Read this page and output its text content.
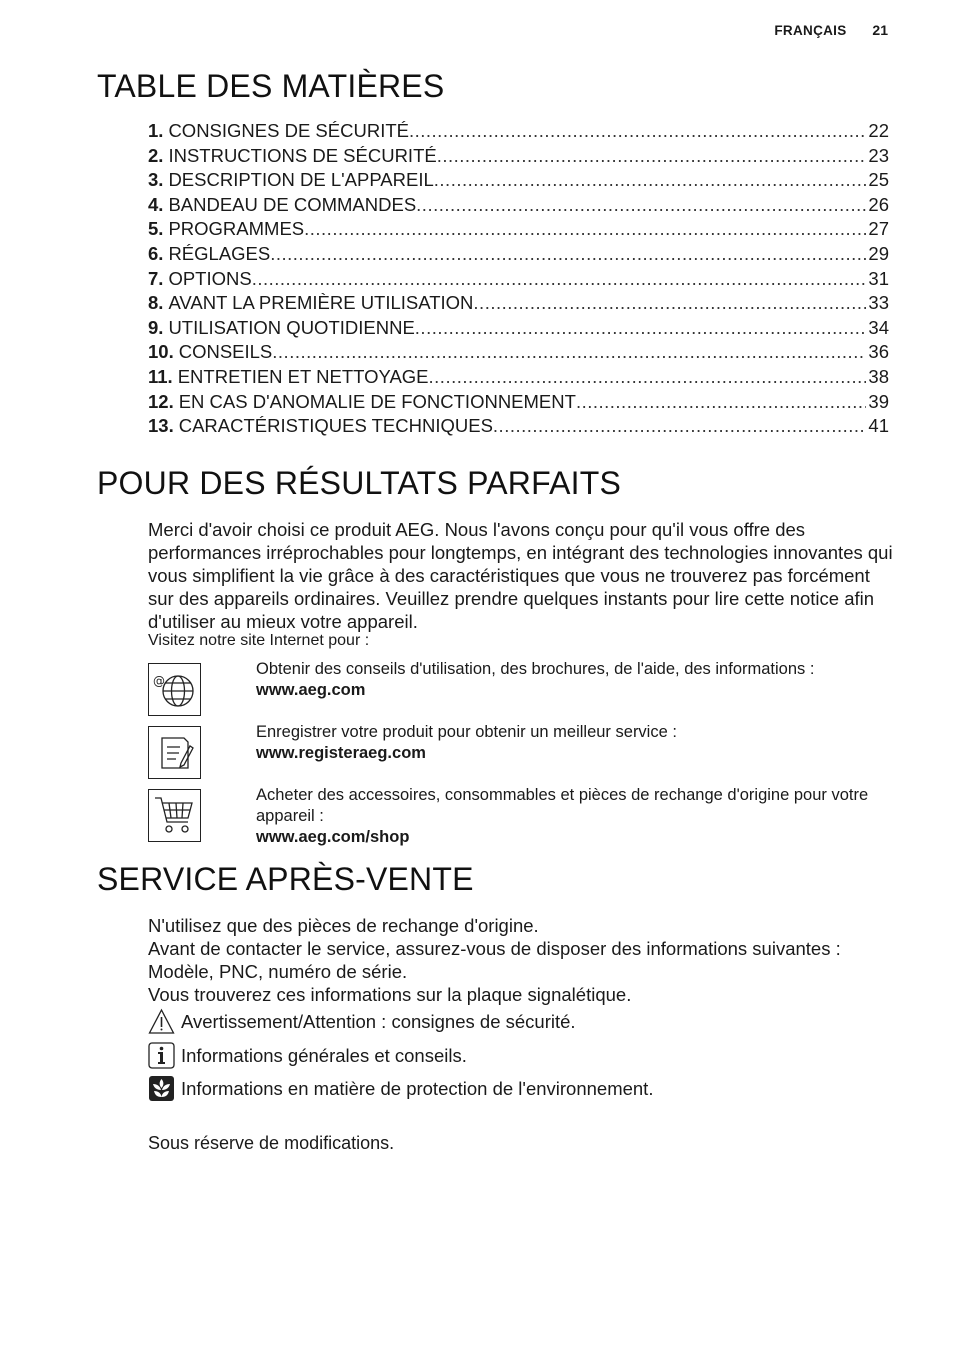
FRANÇAIS 21
TABLE DES MATIÈRES
1. CONSIGNES DE SÉCURITÉ .....	22
2. INSTRUCTIONS DE SÉCURITÉ .....	23
3. DESCRIPTION DE L'APPAREIL .....	25
4. BANDEAU DE COMMANDES .....	26
5. PROGRAMMES .....	27
6. RÉGLAGES .....	29
7. OPTIONS .....	31
8. AVANT LA PREMIÈRE UTILISATION .....	33
9. UTILISATION QUOTIDIENNE .....	34
10. CONSEILS .....	36
11. ENTRETIEN ET NETTOYAGE .....	38
12. EN CAS D'ANOMALIE DE FONCTIONNEMENT .....	39
13. CARACTÉRISTIQUES TECHNIQUES .....	41
POUR DES RÉSULTATS PARFAITS

Merci d'avoir choisi ce produit AEG. Nous l'avons conçu pour qu'il vous offre des performances irréprochables pour longtemps, en intégrant des technologies innovantes qui vous simplifient la vie grâce à des caractéristiques que vous ne trouverez pas forcément sur des appareils ordinaires. Veuillez prendre quelques instants pour lire cette notice afin d'utiliser au mieux votre appareil.

Visitez notre site Internet pour :
@
Obtenir des conseils d'utilisation, des brochures, de l'aide, des informations :
www.aeg.com
Enregistrer votre produit pour obtenir un meilleur service :
www.registeraeg.com
Acheter des accessoires, consommables et pièces de rechange d'origine pour votre appareil :
www.aeg.com/shop
SERVICE APRÈS-VENTE

N'utilisez que des pièces de rechange d'origine.

Avant de contacter le service, assurez-vous de disposer des informations suivantes : Modèle, PNC, numéro de série.

Vous trouverez ces informations sur la plaque signalétique.

Avertissement/Attention : consignes de sécurité.
Informations générales et conseils.
Informations en matière de protection de l'environnement.
Sous réserve de modifications.
